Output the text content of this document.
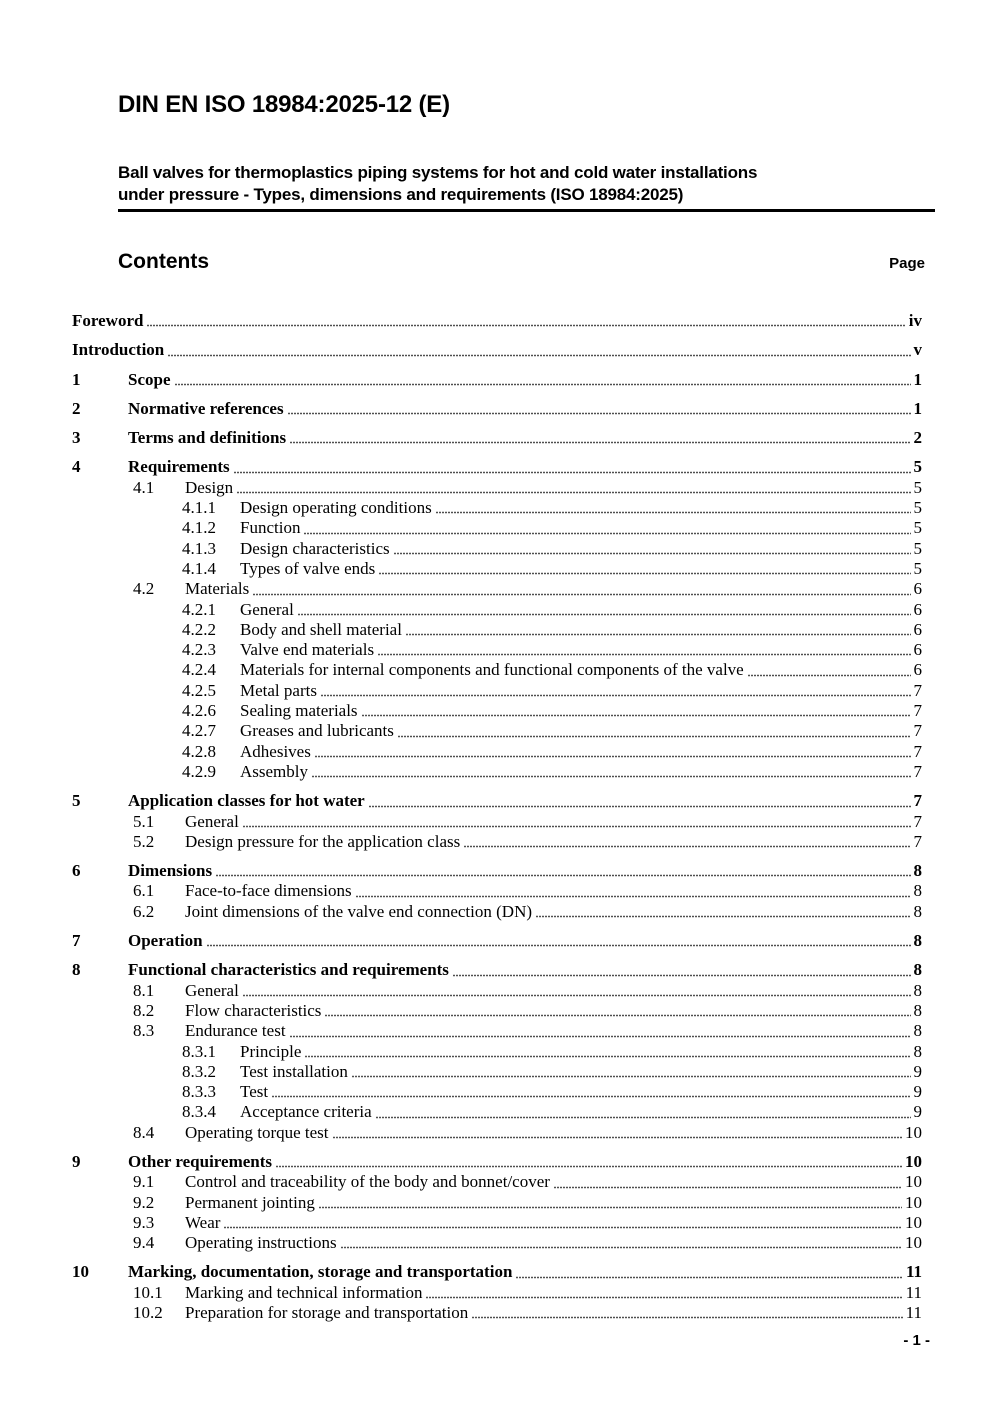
DIN EN ISO 18984:2025-12 (E)
Ball valves for thermoplastics piping systems for hot and cold water installations
under pressure - Types, dimensions and requirements (ISO 18984:2025)
Contents	Page
Foreword	iv
Introduction	v
1	Scope	1
2	Normative references	1
3	Terms and definitions	2
4	Requirements	5
4.1	Design	5
4.1.1	Design operating conditions	5
4.1.2	Function	5
4.1.3	Design characteristics	5
4.1.4	Types of valve ends	5
4.2	Materials	6
4.2.1	General	6
4.2.2	Body and shell material	6
4.2.3	Valve end materials	6
4.2.4	Materials for internal components and functional components of the valve	6
4.2.5	Metal parts	7
4.2.6	Sealing materials	7
4.2.7	Greases and lubricants	7
4.2.8	Adhesives	7
4.2.9	Assembly	7
5	Application classes for hot water	7
5.1	General	7
5.2	Design pressure for the application class	7
6	Dimensions	8
6.1	Face-to-face dimensions	8
6.2	Joint dimensions of the valve end connection (DN)	8
7	Operation	8
8	Functional characteristics and requirements	8
8.1	General	8
8.2	Flow characteristics	8
8.3	Endurance test	8
8.3.1	Principle	8
8.3.2	Test installation	9
8.3.3	Test	9
8.3.4	Acceptance criteria	9
8.4	Operating torque test	10
9	Other requirements	10
9.1	Control and traceability of the body and bonnet/cover	10
9.2	Permanent jointing	10
9.3	Wear	10
9.4	Operating instructions	10
10	Marking, documentation, storage and transportation	11
10.1	Marking and technical information	11
10.2	Preparation for storage and transportation	11
- 1 -
